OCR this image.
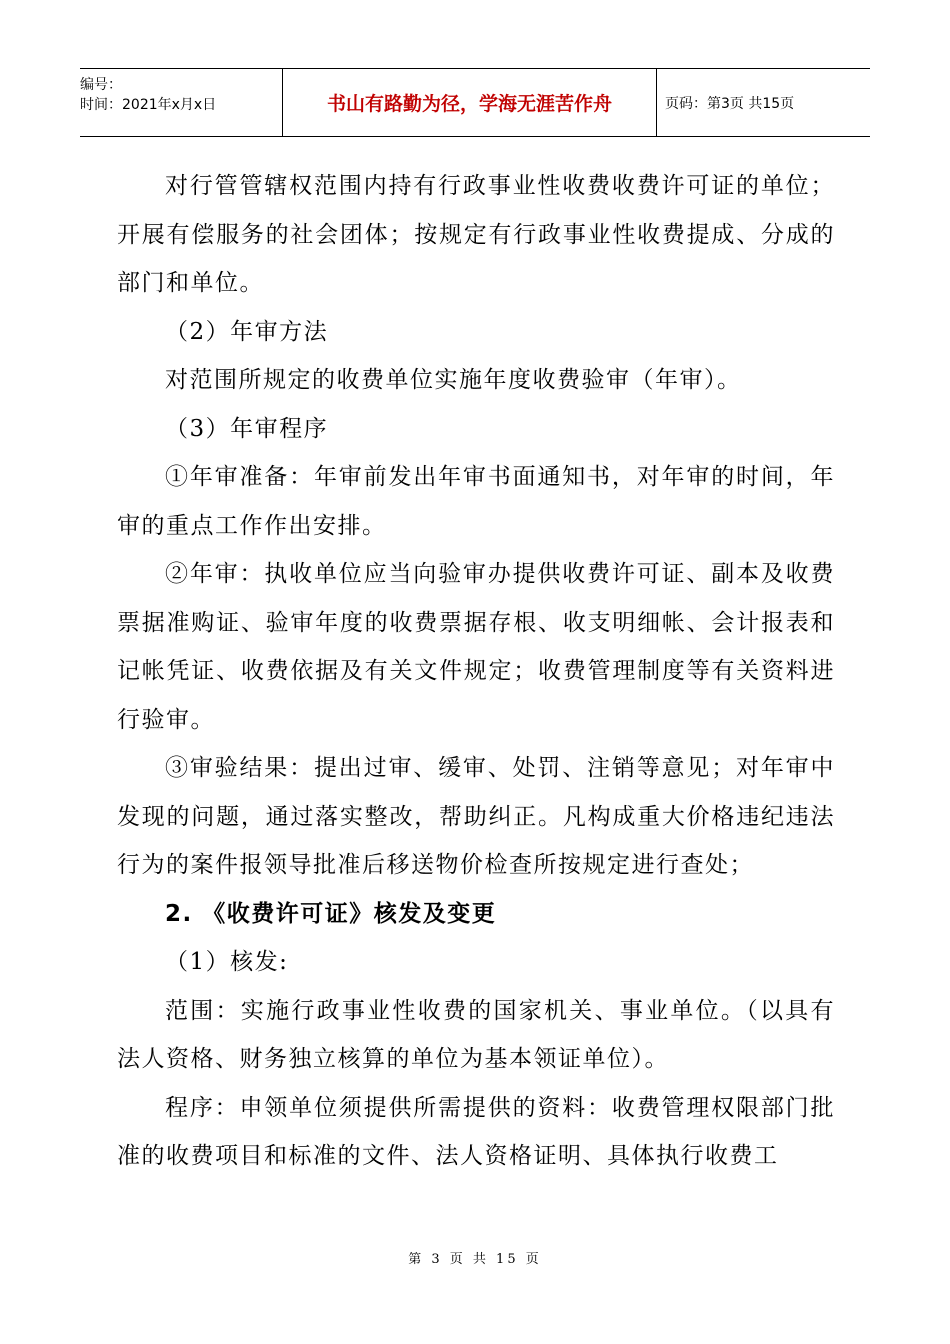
编号：
时间：2021年x月x日	书山有路勤为径，学海无涯苦作舟	页码：第3页 共15页

对行管管辖权范围内持有行政事业性收费收费许可证的单位；开展有偿服务的社会团体；按规定有行政事业性收费提成、分成的部门和单位。

（2）年审方法

对范围所规定的收费单位实施年度收费验审（年审）。

（3）年审程序

①年审准备：年审前发出年审书面通知书，对年审的时间，年审的重点工作作出安排。

②年审：执收单位应当向验审办提供收费许可证、副本及收费票据准购证、验审年度的收费票据存根、收支明细帐、会计报表和记帐凭证、收费依据及有关文件规定；收费管理制度等有关资料进行验审。

③审验结果：提出过审、缓审、处罚、注销等意见；对年审中发现的问题，通过落实整改，帮助纠正。凡构成重大价格违纪违法行为的案件报领导批准后移送物价检查所按规定进行查处；

2. 《收费许可证》核发及变更

（1）核发:

范围：实施行政事业性收费的国家机关、事业单位。（以具有法人资格、财务独立核算的单位为基本领证单位）。

程序：申领单位须提供所需提供的资料：收费管理权限部门批准的收费项目和标准的文件、法人资格证明、具体执行收费工

第 3 页 共 15 页
